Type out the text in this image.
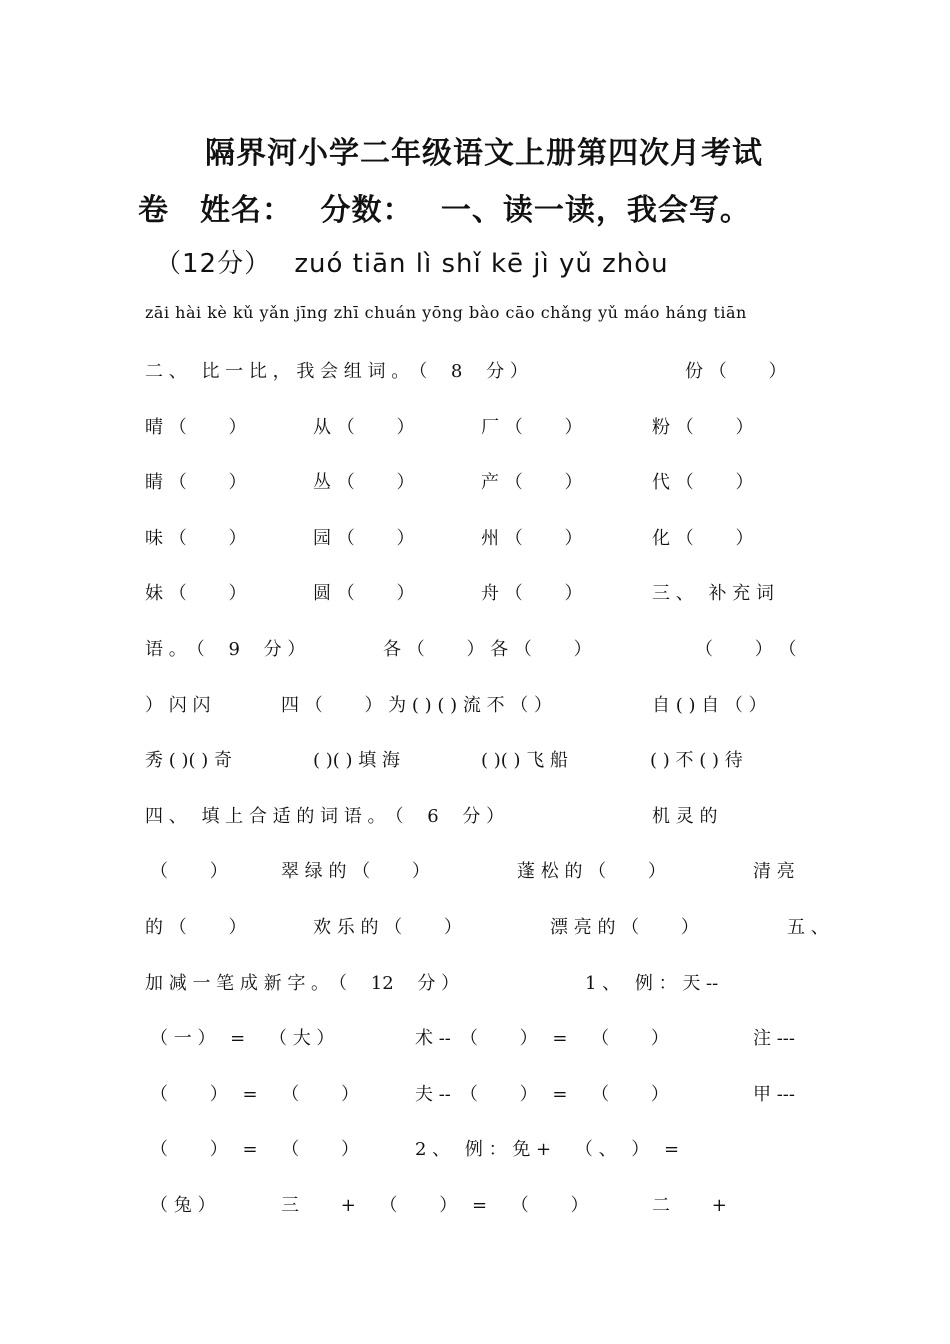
隔界河小学二年级语文上册第四次月考试
卷　姓名：　 分数：　 一、读一读，我会写。
（12分）　 zuó tiān lì shǐ kē jì yǔ zhòu
zāi hài kè kǔ yǎn jīng zhī chuán yōng bào cāo chǎng yǔ máo háng tiān
二 、　 比 一 比 ， 我 会 组 词 。　（　 8　 分 ）	份 （　　 ）
晴 （　　 ）	从 （　　 ）	厂 （　　 ）	粉 （　　 ）
睛 （　　 ）	丛 （　　 ）	产 （　　 ）	代 （　　 ）
味 （　　 ）	园 （　　 ）	州 （　　 ）	化 （　　 ）
妹 （　　 ）	圆 （　　 ）	舟 （　　 ）	三 、　 补 充 词
语 。　（　 9　 分 ）	各 （　　 ） 各 （　　 ）	（　　 ） （
） 闪 闪	四 （　　 ） 为 ( ) ( ) 流 不 （ ）	自 ( ) 自 （ ）
秀 ( )( ) 奇	( )( ) 填 海	( )( ) 飞 船	( ) 不 ( ) 待
四 、　 填 上 合 适 的 词 语 。　（　 6　 分 ）	机 灵 的
（　　 ）	翠 绿 的 （　　 ）	蓬 松 的 （　　 ）	清 亮
的 （　　 ）	欢 乐 的 （　　 ）	漂 亮 的 （　　 ）	五 、
加 减 一 笔 成 新 字 。　（　 12　 分 ）	1 、　 例 ： 天 --
（ 一 ）　 =　 （ 大 ）	术 --　（　　 ）　 =　 （　　 ）	注 ---
（　　 ）　 =　 （　　 ）	夫 --　（　　 ）　 =　 （　　 ）	甲 ---
（　　 ）　 =　 （　　 ）	2 、　 例 ： 免 +　 （ 、　 ）　 =
（ 兔 ）	三　　 +　 （　　 ）　 =　 （　　 ）	二　　 +
